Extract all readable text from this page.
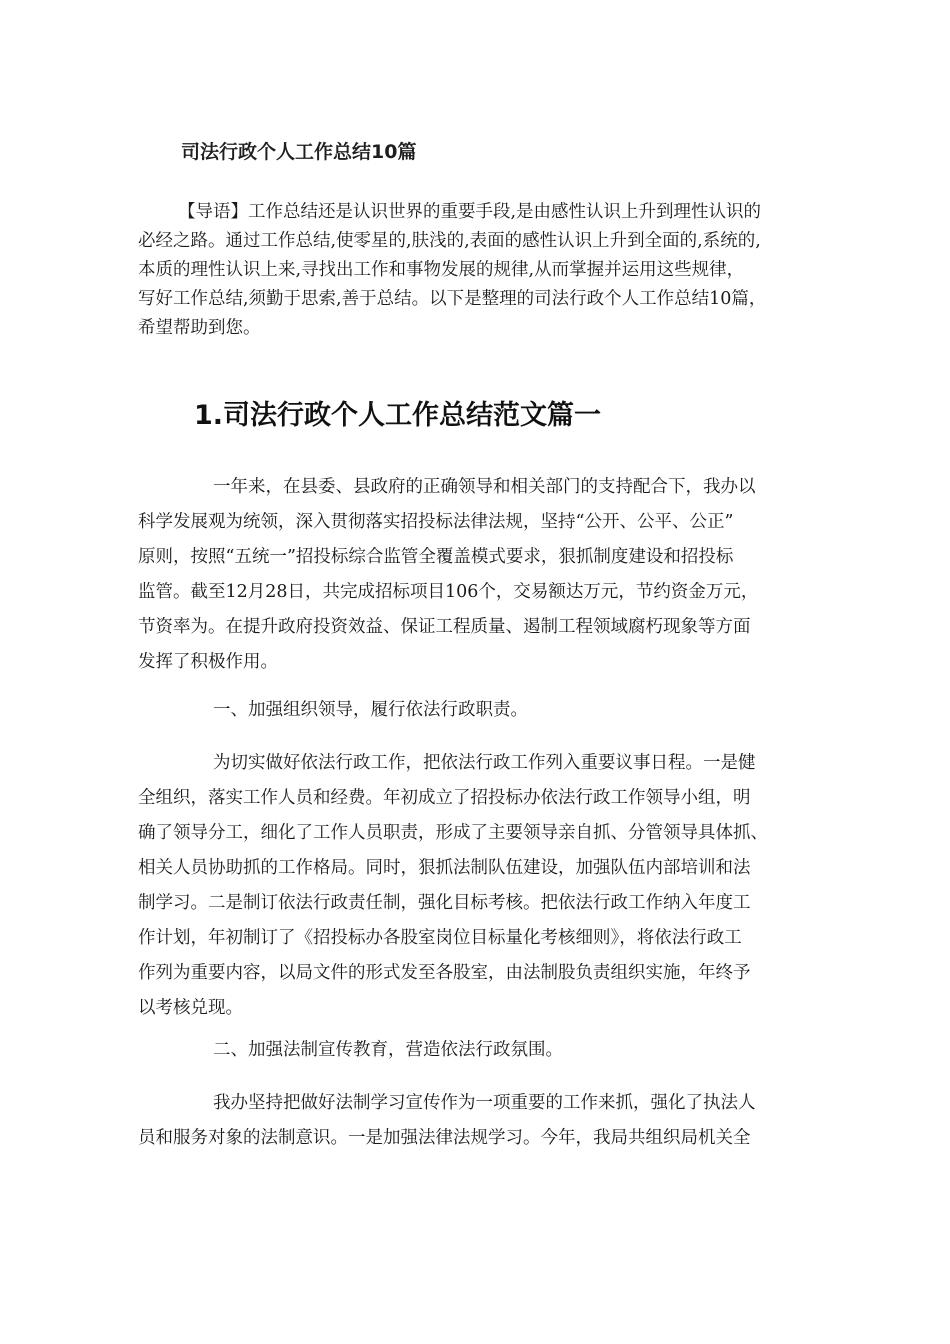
司法行政个人工作总结10篇
【导语】工作总结还是认识世界的重要手段,是由感性认识上升到理性认识的
必经之路。通过工作总结,使零星的,肤浅的,表面的感性认识上升到全面的,系统的,
本质的理性认识上来,寻找出工作和事物发展的规律,从而掌握并运用这些规律，
写好工作总结,须勤于思索,善于总结。以下是整理的司法行政个人工作总结10篇，
希望帮助到您。
1.司法行政个人工作总结范文篇一
一年来，在县委、县政府的正确领导和相关部门的支持配合下，我办以
科学发展观为统领，深入贯彻落实招投标法律法规，坚持“公开、公平、公正”
原则，按照“五统一”招投标综合监管全覆盖模式要求，狠抓制度建设和招投标
监管。截至12月28日，共完成招标项目106个，交易额达万元，节约资金万元，
节资率为。在提升政府投资效益、保证工程质量、遏制工程领域腐朽现象等方面
发挥了积极作用。
一、加强组织领导，履行依法行政职责。
为切实做好依法行政工作，把依法行政工作列入重要议事日程。一是健
全组织，落实工作人员和经费。年初成立了招投标办依法行政工作领导小组，明
确了领导分工，细化了工作人员职责，形成了主要领导亲自抓、分管领导具体抓、
相关人员协助抓的工作格局。同时，狠抓法制队伍建设，加强队伍内部培训和法
制学习。二是制订依法行政责任制，强化目标考核。把依法行政工作纳入年度工
作计划，年初制订了《招投标办各股室岗位目标量化考核细则》，将依法行政工
作列为重要内容，以局文件的形式发至各股室，由法制股负责组织实施，年终予
以考核兑现。
二、加强法制宣传教育，营造依法行政氛围。
我办坚持把做好法制学习宣传作为一项重要的工作来抓，强化了执法人
员和服务对象的法制意识。一是加强法律法规学习。今年，我局共组织局机关全
